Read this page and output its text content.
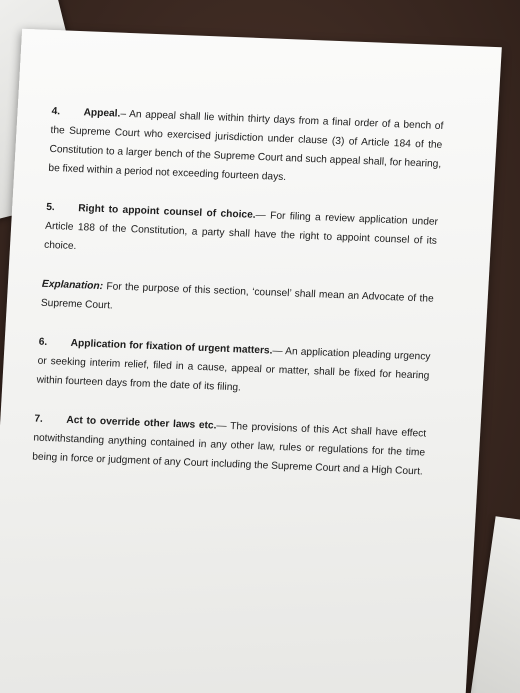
4. Appeal.– An appeal shall lie within thirty days from a final order of a bench of the Supreme Court who exercised jurisdiction under clause (3) of Article 184 of the Constitution to a larger bench of the Supreme Court and such appeal shall, for hearing, be fixed within a period not exceeding fourteen days.

5. Right to appoint counsel of choice.— For filing a review application under Article 188 of the Constitution, a party shall have the right to appoint counsel of its choice.

Explanation: For the purpose of this section, ‘counsel’ shall mean an Advocate of the Supreme Court.

6. Application for fixation of urgent matters.— An application pleading urgency or seeking interim relief, filed in a cause, appeal or matter, shall be fixed for hearing within fourteen days from the date of its filing.

7. Act to override other laws etc.— The provisions of this Act shall have effect notwithstanding anything contained in any other law, rules or regulations for the time being in force or judgment of any Court including the Supreme Court and a High Court.
